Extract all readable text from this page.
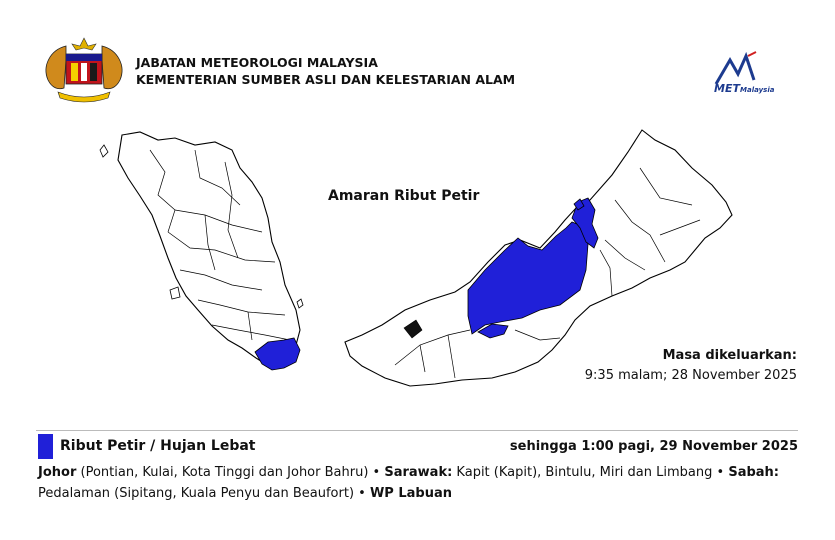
JABATAN METEOROLOGI MALAYSIA
KEMENTERIAN SUMBER ASLI DAN KELESTARIAN ALAM
MET Malaysia
Amaran Ribut Petir
Masa dikeluarkan:
9:35 malam; 28 November 2025
Ribut Petir / Hujan Lebat	sehingga 1:00 pagi, 29 November 2025
Johor (Pontian, Kulai, Kota Tinggi dan Johor Bahru) • Sarawak: Kapit (Kapit), Bintulu, Miri dan Limbang • Sabah: Pedalaman (Sipitang, Kuala Penyu dan Beaufort) • WP Labuan
